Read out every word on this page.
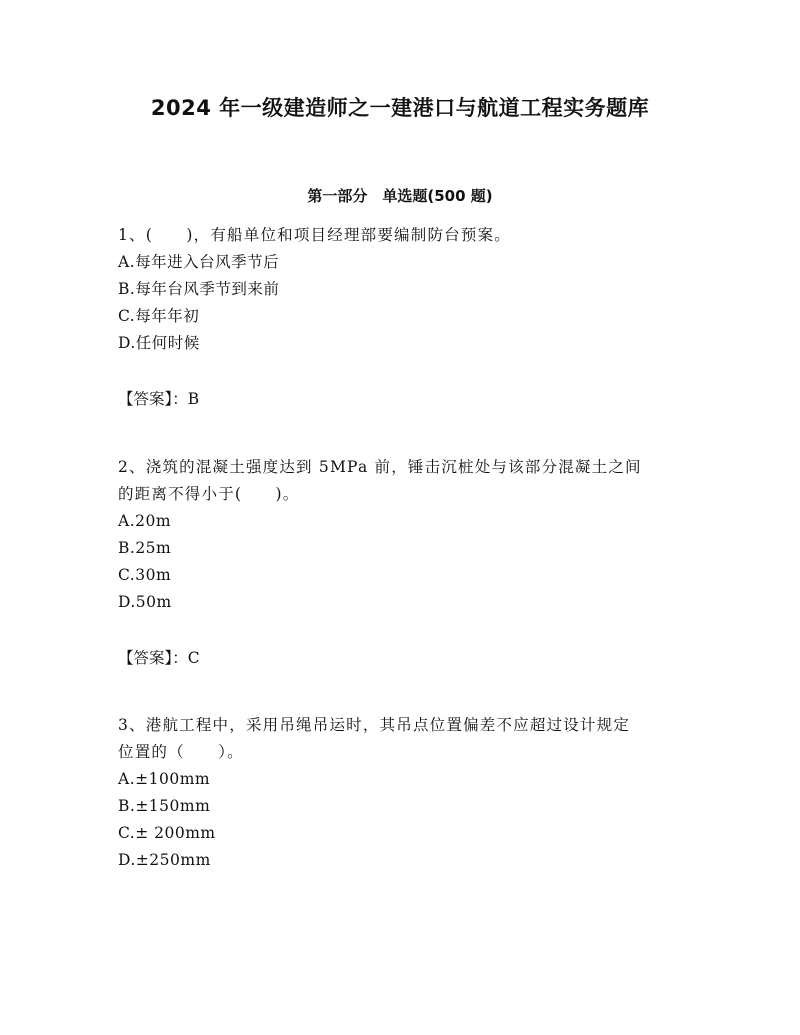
2024 年一级建造师之一建港口与航道工程实务题库
第一部分　单选题(500 题)
1、(　　)，有船单位和项目经理部要编制防台预案。
A.每年进入台风季节后
B.每年台风季节到来前
C.每年年初
D.任何时候
【答案】：B
2、浇筑的混凝土强度达到 5MPa 前，锤击沉桩处与该部分混凝土之间
的距离不得小于(　　)。
A.20m
B.25m
C.30m
D.50m
【答案】：C
3、港航工程中，采用吊绳吊运时，其吊点位置偏差不应超过设计规定
位置的（　　）。
A.±100mm
B.±150mm
C.± 200mm
D.±250mm
